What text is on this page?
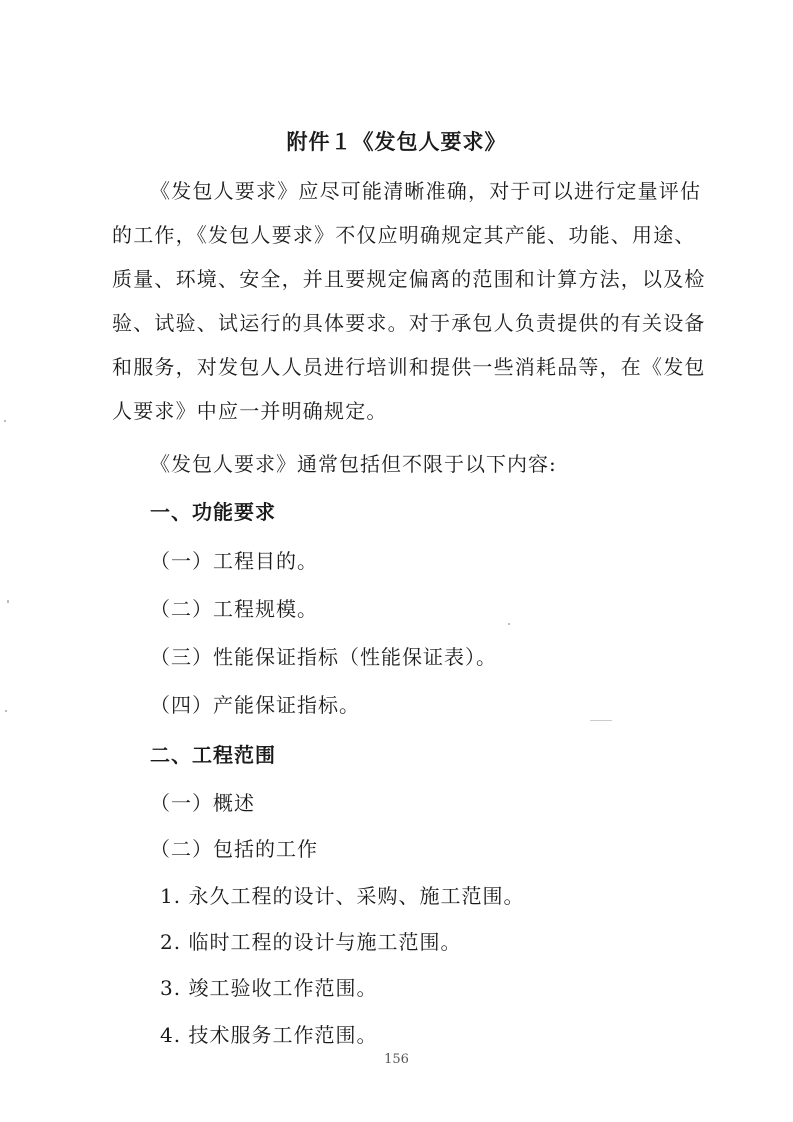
附件１《发包人要求》
《发包人要求》应尽可能清晰准确，对于可以进行定量评估
的工作，《发包人要求》不仅应明确规定其产能、功能、用途、
质量、环境、安全，并且要规定偏离的范围和计算方法，以及检
验、试验、试运行的具体要求。对于承包人负责提供的有关设备
和服务，对发包人人员进行培训和提供一些消耗品等，在《发包
人要求》中应一并明确规定。
《发包人要求》通常包括但不限于以下内容:
一、功能要求
（一）工程目的。
（二）工程规模。
（三）性能保证指标（性能保证表）。
（四）产能保证指标。
二、工程范围
（一）概述
（二）包括的工作
1. 永久工程的设计、采购、施工范围。
2. 临时工程的设计与施工范围。
3. 竣工验收工作范围。
4. 技术服务工作范围。
156
